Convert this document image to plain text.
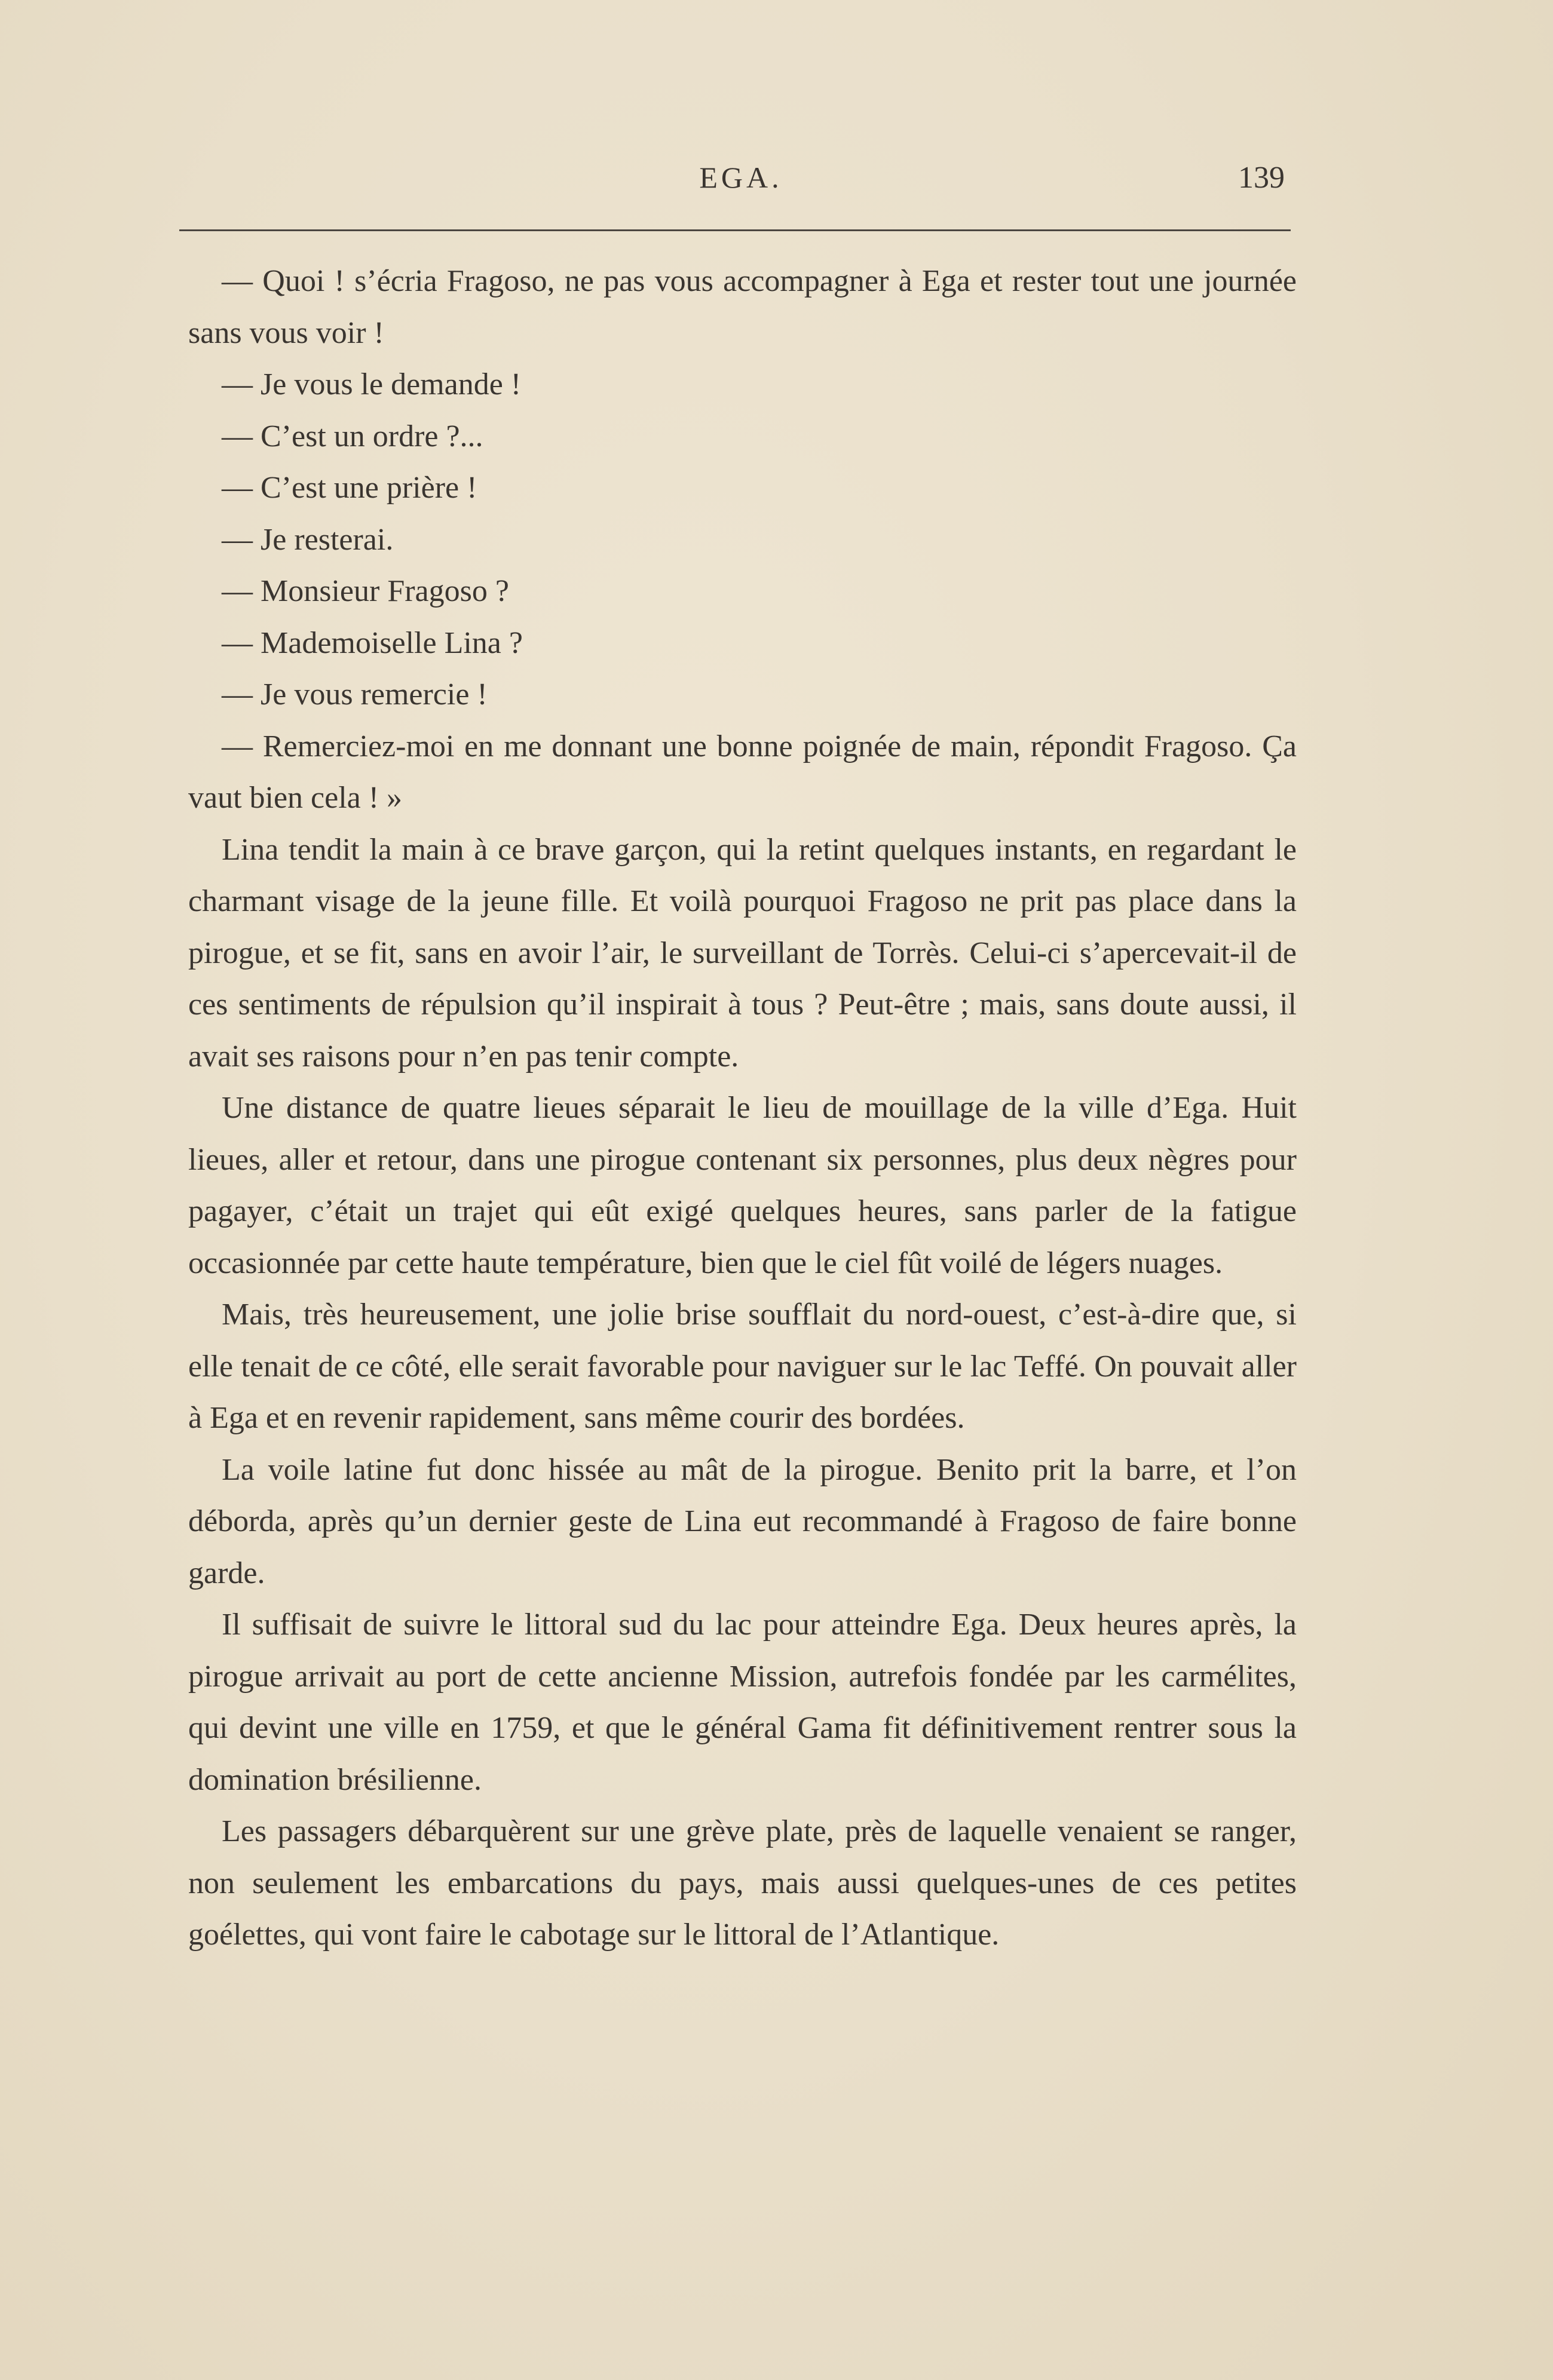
EGA.	139

— Quoi ! s’écria Fragoso, ne pas vous accompagner à Ega et rester tout une journée sans vous voir !

— Je vous le demande !

— C’est un ordre ?...

— C’est une prière !

— Je resterai.

— Monsieur Fragoso ?

— Mademoiselle Lina ?

— Je vous remercie !

— Remerciez-moi en me donnant une bonne poignée de main, répondit Fragoso. Ça vaut bien cela ! »

Lina tendit la main à ce brave garçon, qui la retint quelques instants, en regardant le charmant visage de la jeune fille. Et voilà pourquoi Fragoso ne prit pas place dans la pirogue, et se fit, sans en avoir l’air, le surveillant de Torrès. Celui-ci s’apercevait-il de ces sentiments de répulsion qu’il inspirait à tous ? Peut-être ; mais, sans doute aussi, il avait ses raisons pour n’en pas tenir compte.

Une distance de quatre lieues séparait le lieu de mouillage de la ville d’Ega. Huit lieues, aller et retour, dans une pirogue contenant six personnes, plus deux nègres pour pagayer, c’était un trajet qui eût exigé quelques heures, sans parler de la fatigue occasionnée par cette haute température, bien que le ciel fût voilé de légers nuages.

Mais, très heureusement, une jolie brise soufflait du nord-ouest, c’est-à-dire que, si elle tenait de ce côté, elle serait favorable pour naviguer sur le lac Teffé. On pouvait aller à Ega et en revenir rapidement, sans même courir des bordées.

La voile latine fut donc hissée au mât de la pirogue. Benito prit la barre, et l’on déborda, après qu’un dernier geste de Lina eut recommandé à Fragoso de faire bonne garde.

Il suffisait de suivre le littoral sud du lac pour atteindre Ega. Deux heures après, la pirogue arrivait au port de cette ancienne Mission, autrefois fondée par les carmélites, qui devint une ville en 1759, et que le général Gama fit définitivement rentrer sous la domination brésilienne.

Les passagers débarquèrent sur une grève plate, près de laquelle venaient se ranger, non seulement les embarcations du pays, mais aussi quelques-unes de ces petites goélettes, qui vont faire le cabotage sur le littoral de l’Atlantique.
